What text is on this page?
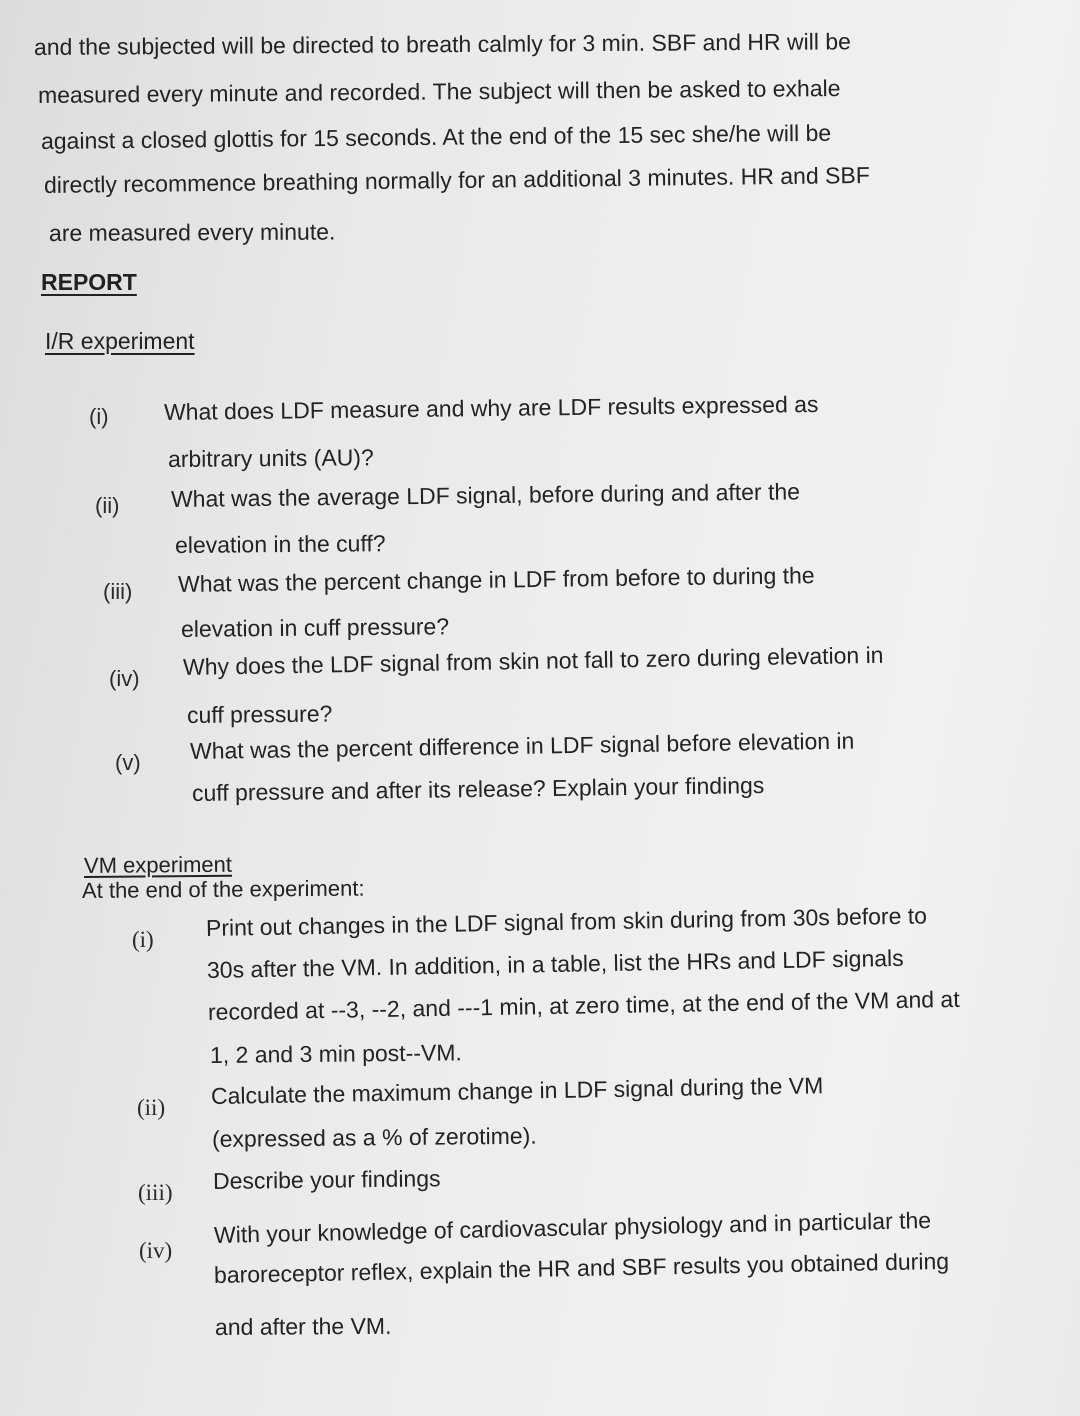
and the subjected will be directed to breath calmly for 3 min. SBF and HR will be
measured every minute and recorded. The subject will then be asked to exhale
against a closed glottis for 15 seconds. At the end of the 15 sec she/he will be
directly recommence breathing normally for an additional 3 minutes. HR and SBF
are measured every minute.
REPORT
I/R experiment
(i) What does LDF measure and why are LDF results expressed as
arbitrary units (AU)?
(ii) What was the average LDF signal, before during and after the
elevation in the cuff?
(iii) What was the percent change in LDF from before to during the
elevation in cuff pressure?
(iv) Why does the LDF signal from skin not fall to zero during elevation in
cuff pressure?
(v) What was the percent difference in LDF signal before elevation in
cuff pressure and after its release? Explain your findings
VM experiment
At the end of the experiment:
(i) Print out changes in the LDF signal from skin during from 30s before to
30s after the VM. In addition, in a table, list the HRs and LDF signals
recorded at --3, --2, and ---1 min, at zero time, at the end of the VM and at
1, 2 and 3 min post--VM.
(ii) Calculate the maximum change in LDF signal during the VM
(expressed as a % of zerotime).
(iii) Describe your findings
(iv)
With your knowledge of cardiovascular physiology and in particular the
baroreceptor reflex, explain the HR and SBF results you obtained during
and after the VM.
